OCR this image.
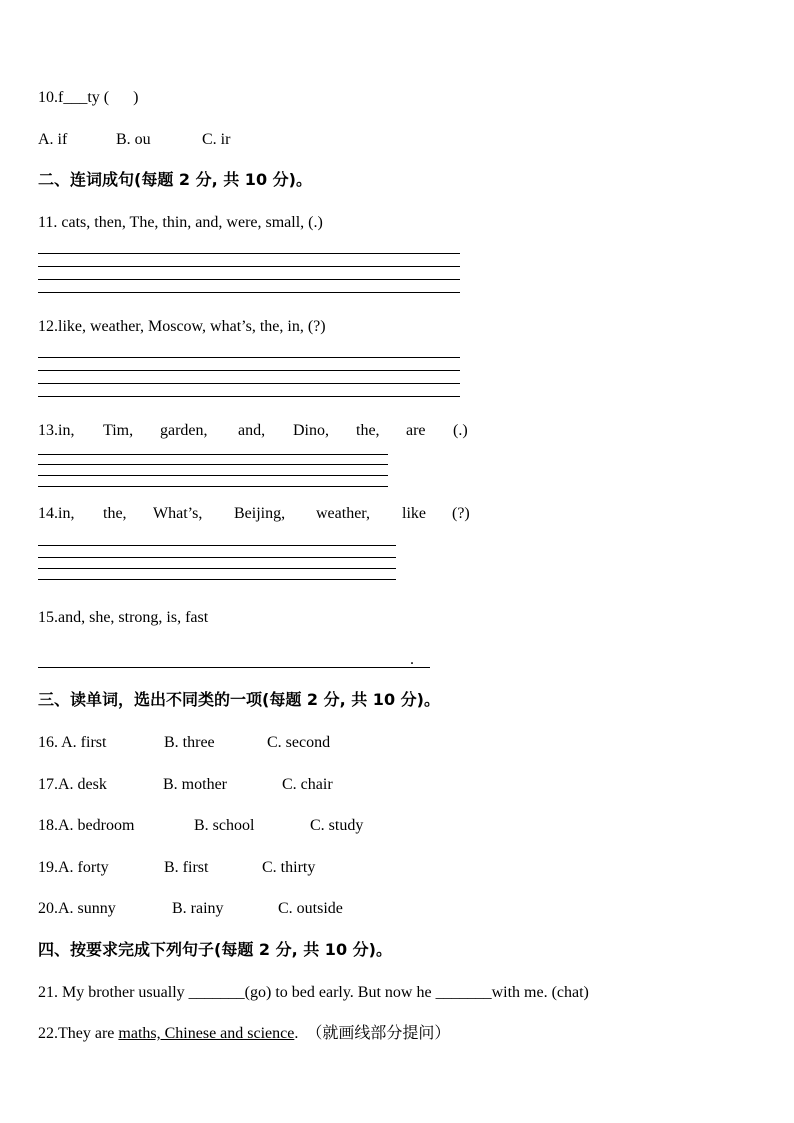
10.f___ty (      )
A. if	B. ou	C. ir
二、连词成句(每题 2 分, 共 10 分)。
11. cats, then, The, thin, and, were, small, (.)
12.like, weather, Moscow, what’s, the, in, (?)
13.in, Tim, garden, and, Dino, the, are (.)
14.in, the, What’s, Beijing, weather, like (?)
15.and, she, strong, is, fast
.
三、读单词，选出不同类的一项(每题 2 分, 共 10 分)。
16. A. first	B. three	C. second
17.A. desk	B. mother	C. chair
18.A. bedroom	B. school	C. study
19.A. forty	B. first	C. thirty
20.A. sunny	B. rainy	C. outside
四、按要求完成下列句子(每题 2 分, 共 10 分)。
21. My brother usually _______(go) to bed early. But now he _______with me. (chat)
22.They are maths, Chinese and science.  （就画线部分提问）
